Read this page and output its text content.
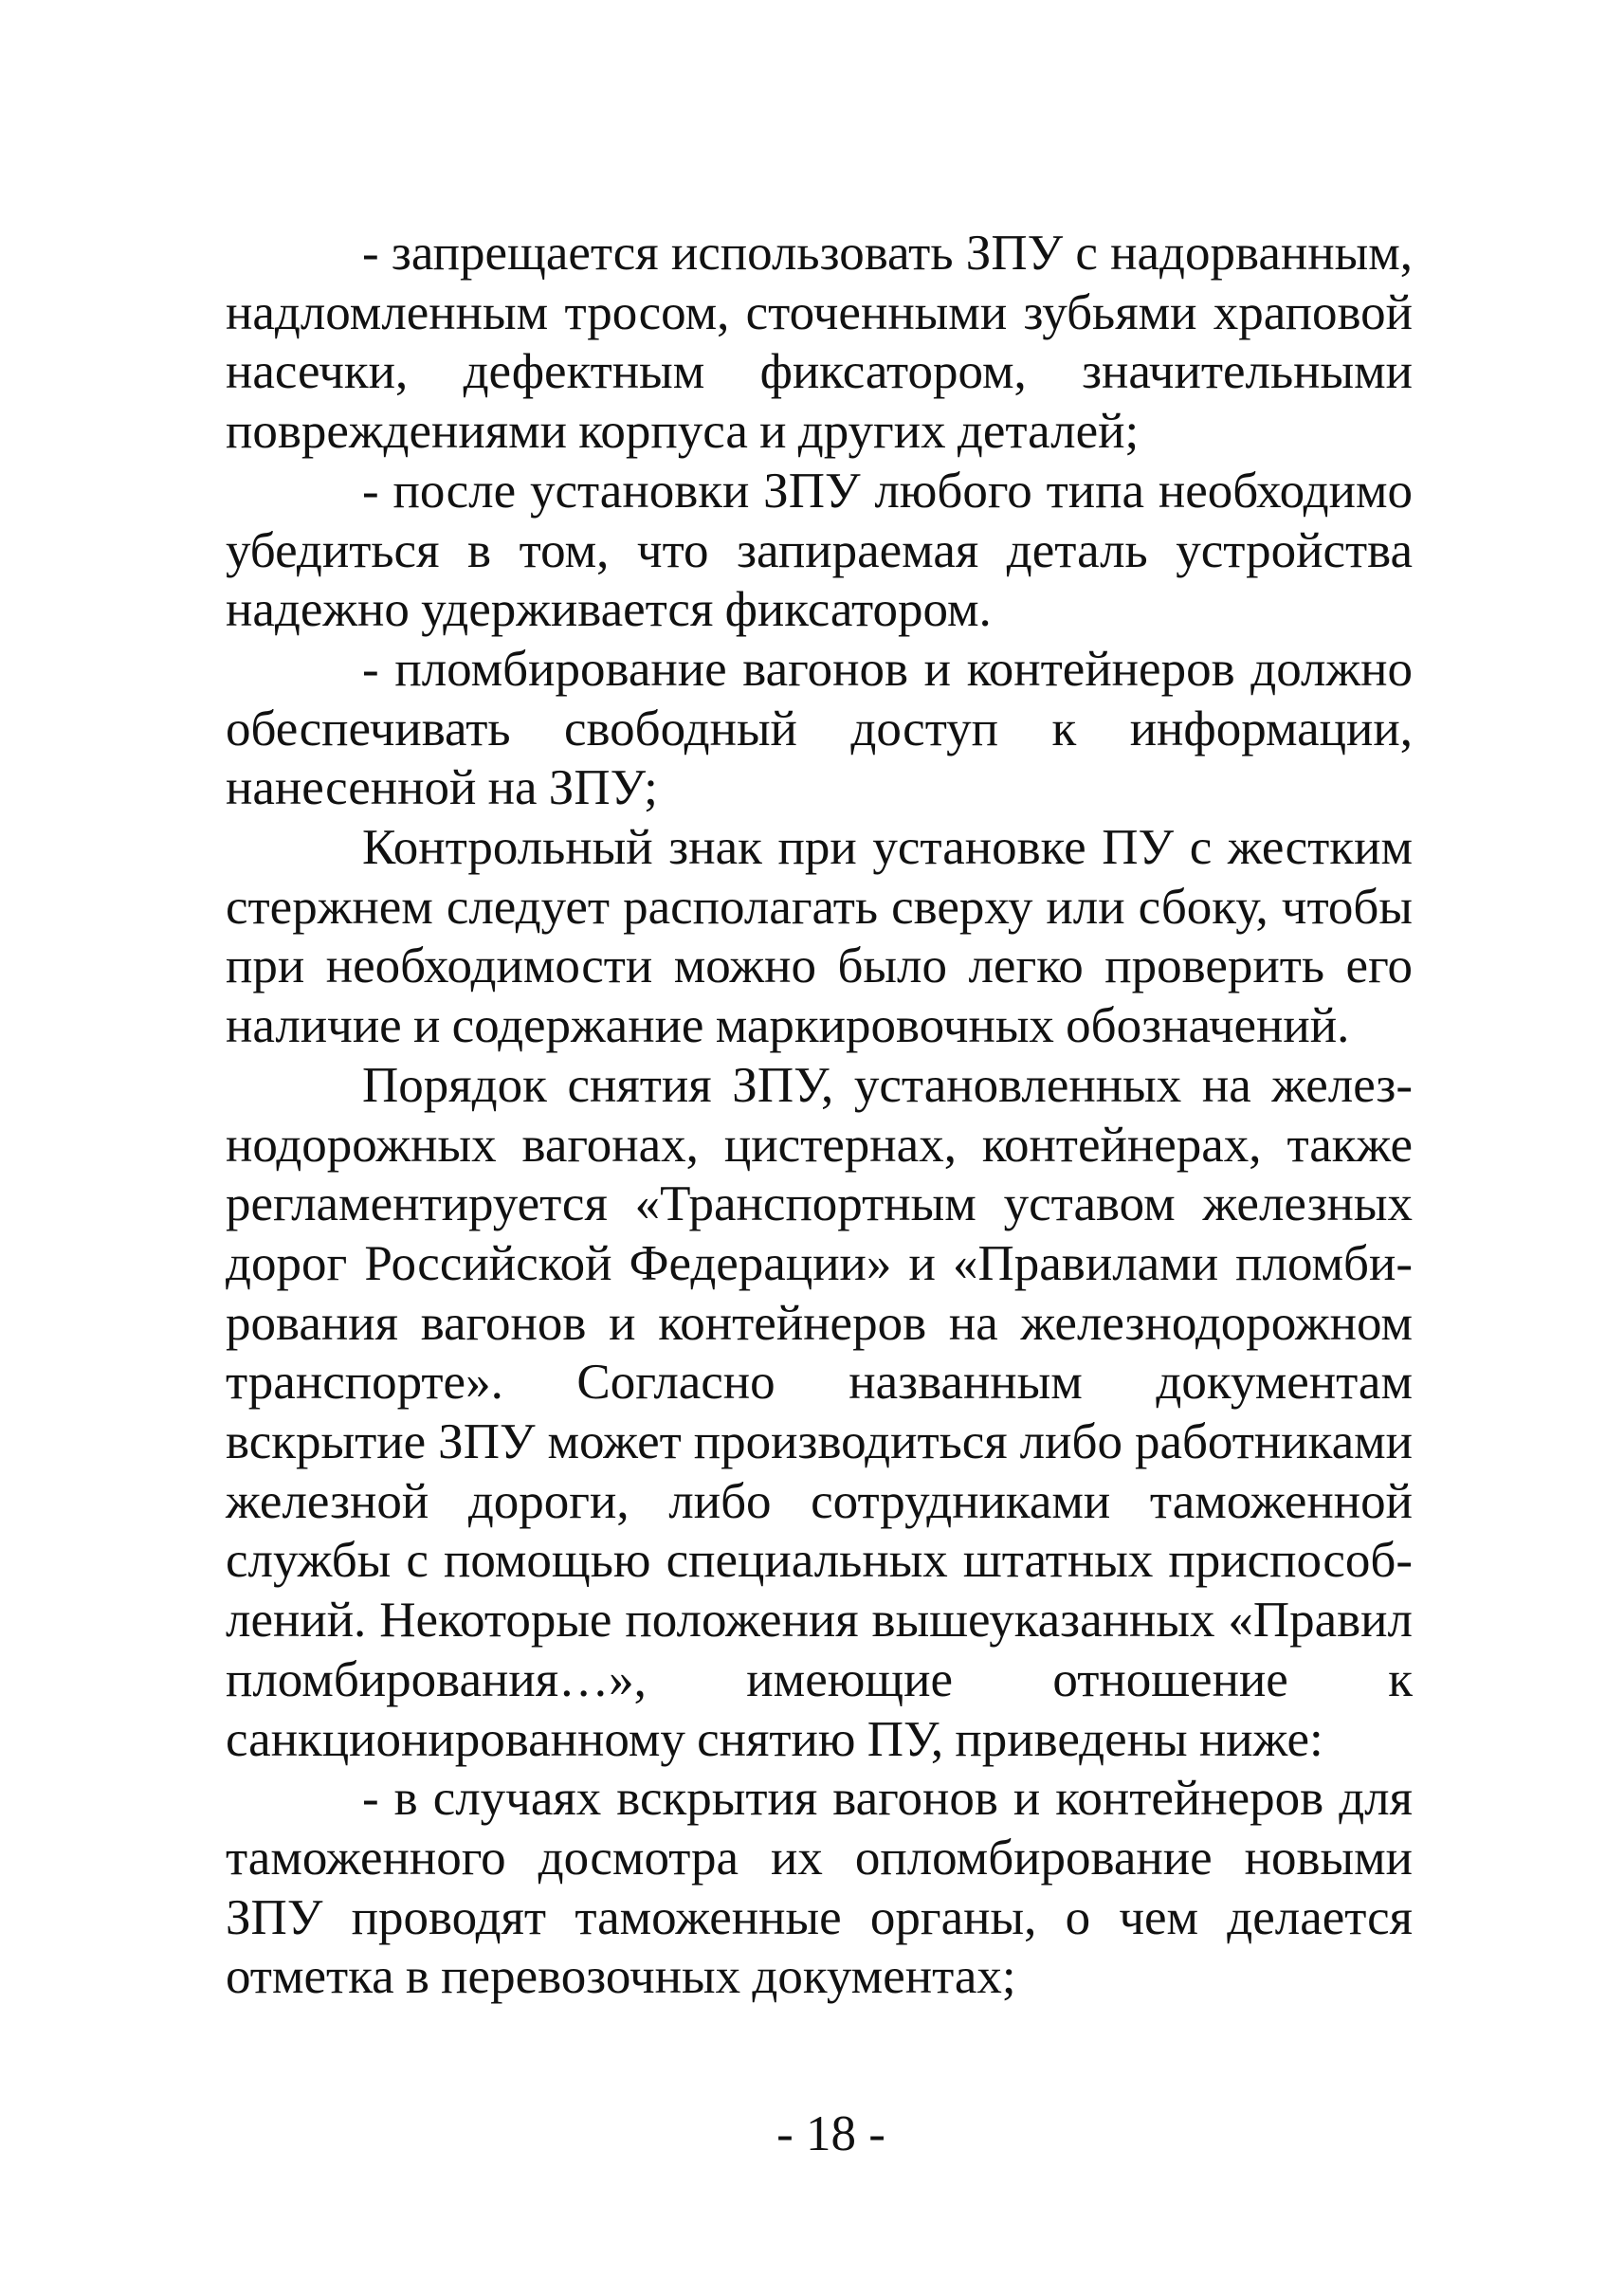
- запрещается использовать ЗПУ с надорванным, надломленным тросом, сточенными зубьями храповой насечки, дефектным фиксатором, значительными повреждениями корпуса и других деталей;

- после установки ЗПУ любого типа необходимо убедиться в том, что запираемая деталь устройства надежно удерживается фиксатором.

- пломбирование вагонов и контейнеров должно обеспечивать свободный доступ к информации, нанесенной на ЗПУ;

Контрольный знак при установке ПУ с жестким стержнем следует располагать сверху или сбоку, чтобы при необходимости можно было легко проверить его наличие и содержание маркировочных обозначений.

Порядок снятия ЗПУ, установленных на железнодорожных вагонах, цистернах, контейнерах, также регламентируется «Транспортным уставом железных дорог Российской Федерации» и «Правилами пломбирования вагонов и контейнеров на железнодорожном транспорте». Согласно названным документам вскрытие ЗПУ может производиться либо работниками железной дороги, либо сотрудниками таможенной службы с помощью специальных штатных приспособлений. Некоторые положения вышеуказанных «Правил пломбирования…», имеющие отношение к санкционированному снятию ПУ, приведены ниже:

- в случаях вскрытия вагонов и контейнеров для таможенного досмотра их опломбирование новыми ЗПУ проводят таможенные органы, о чем делается отметка в перевозочных документах;

- 18 -
